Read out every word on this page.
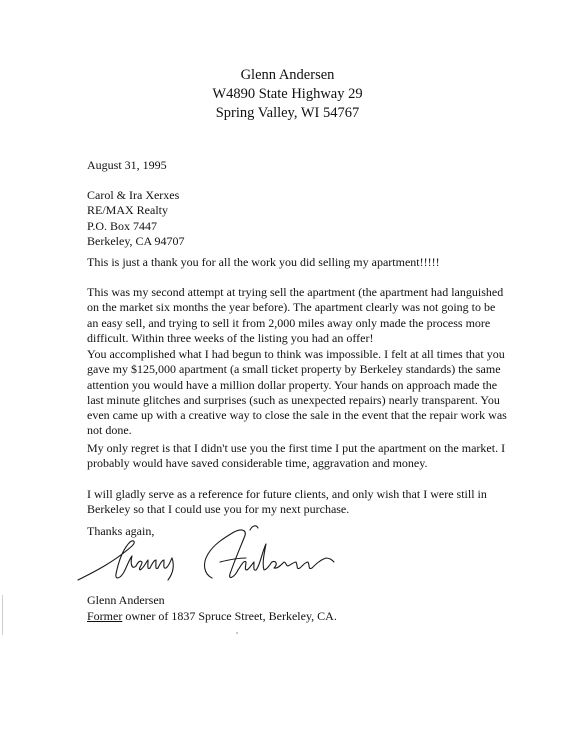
Glenn Andersen
W4890 State Highway 29
Spring Valley, WI 54767
August 31, 1995
Carol & Ira Xerxes
RE/MAX Realty
P.O. Box 7447
Berkeley, CA 94707

This is just a thank you for all the work you did selling my apartment!!!!!

This was my second attempt at trying sell the apartment (the apartment had languished on the market six months the year before). The apartment clearly was not going to be an easy sell, and trying to sell it from 2,000 miles away only made the process more difficult. Within three weeks of the listing you had an offer!

You accomplished what I had begun to think was impossible. I felt at all times that you gave my $125,000 apartment (a small ticket property by Berkeley standards) the same attention you would have a million dollar property. Your hands on approach made the last minute glitches and surprises (such as unexpected repairs) nearly transparent. You even came up with a creative way to close the sale in the event that the repair work was not done.

My only regret is that I didn't use you the first time I put the apartment on the market. I probably would have saved considerable time, aggravation and money.

I will gladly serve as a reference for future clients, and only wish that I were still in Berkeley so that I could use you for my next purchase.

Thanks again,
Glenn Andersen
Former owner of 1837 Spruce Street, Berkeley, CA.
